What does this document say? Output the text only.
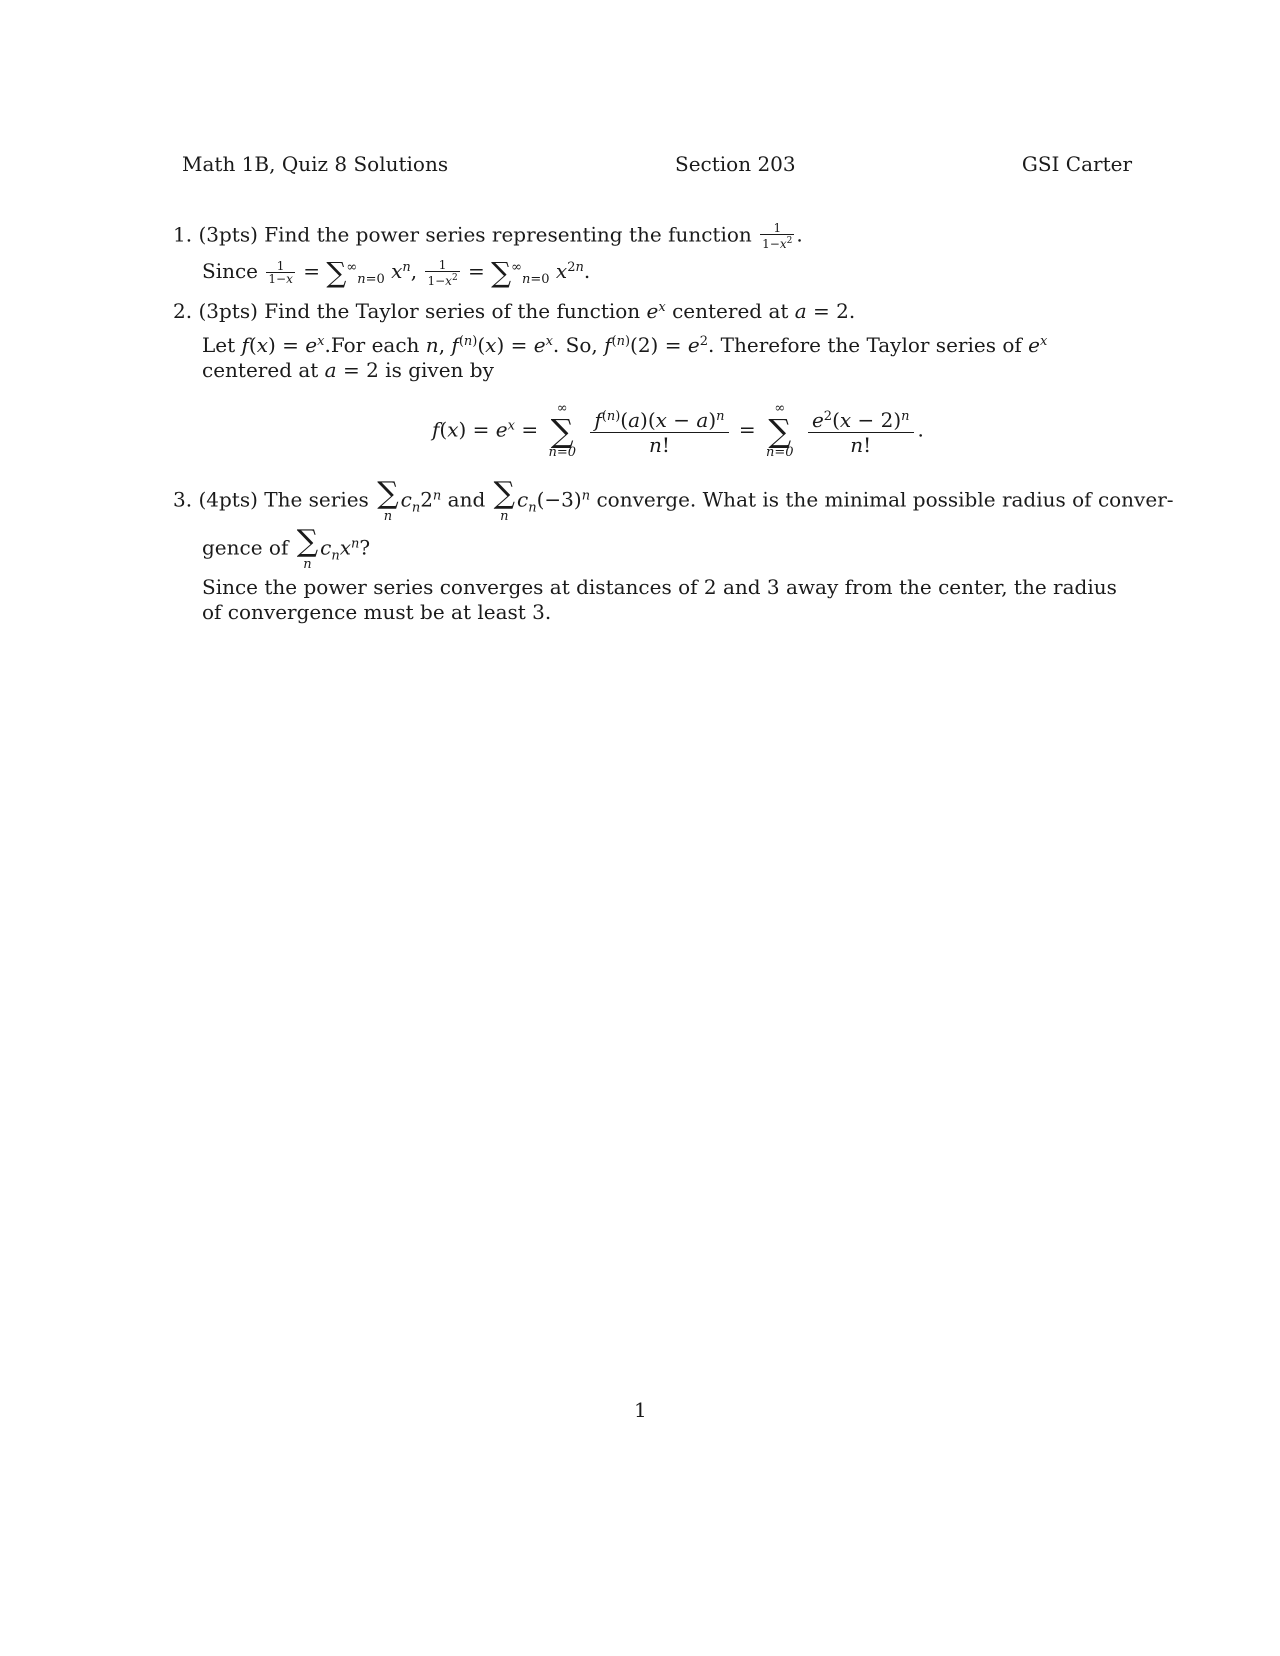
Math 1B, Quiz 8 Solutions	Section 203	GSI Carter
1. (3pts) Find the power series representing the function $\frac{1}{1-x^2}$ .
Since $\frac{1}{1-x} = \sum^\infty_{n=0}$ $x^n$, $\frac{1}{1-x^2} = \sum^\infty_{n=0}$ $x^{2n}$.
2. (3pts) Find the Taylor series of the function $e^x$ centered at a = 2.
Let $f(x) = e^x.For$ each n, $f^{(n)}(x) = e^x$. So, $f^{(n)}(2) = e^2$. Therefore the Taylor series of $e^x$ centered at a = 2 is given by
$f(x) = e^x$ =
∞
∑
n=0
$\frac{f^{(n)}(a)(x - a)^n}{n!}$ =
∞
∑
n=0
$\frac{e^2(x - 2)^n}{n!}$ .
3. (4pts) The series ∑
n
$c_n2^n$ and ∑
n
$c_n(-3)^n$ converge. What is the minimal possible radius of conver-
gence of ∑
n
$c_nx^n$?
Since the power series converges at distances of 2 and 3 away from the center, the radius of convergence must be at least 3.
1
